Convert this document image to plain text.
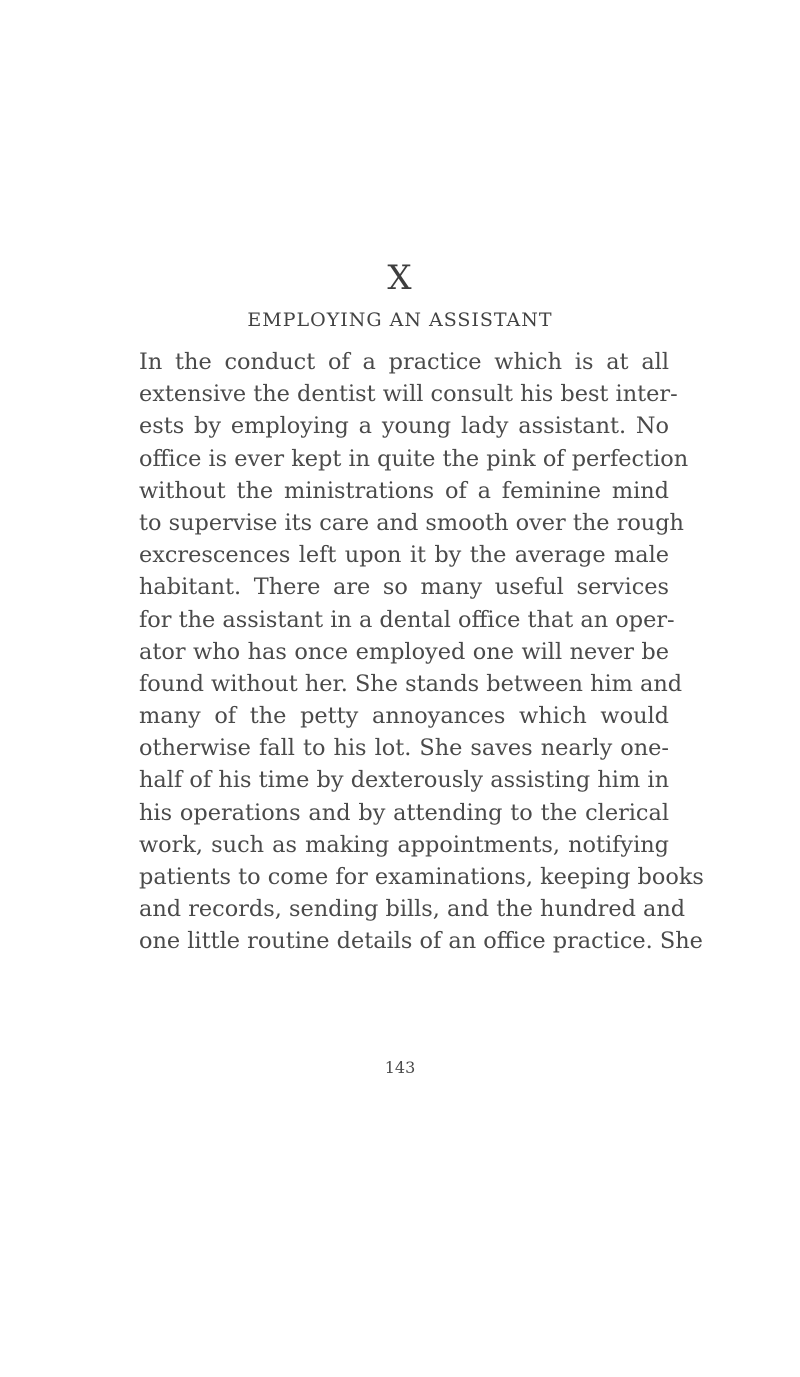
X
EMPLOYING AN ASSISTANT
In the conduct of a practice which is at all
extensive the dentist will consult his best inter-
ests by employing a young lady assistant. No
office is ever kept in quite the pink of perfection
without the ministrations of a feminine mind
to supervise its care and smooth over the rough
excrescences left upon it by the average male
habitant. There are so many useful services
for the assistant in a dental office that an oper-
ator who has once employed one will never be
found without her. She stands between him and
many of the petty annoyances which would
otherwise fall to his lot. She saves nearly one-
half of his time by dexterously assisting him in
his operations and by attending to the clerical
work, such as making appointments, notifying
patients to come for examinations, keeping books
and records, sending bills, and the hundred and
one little routine details of an office practice. She
143
